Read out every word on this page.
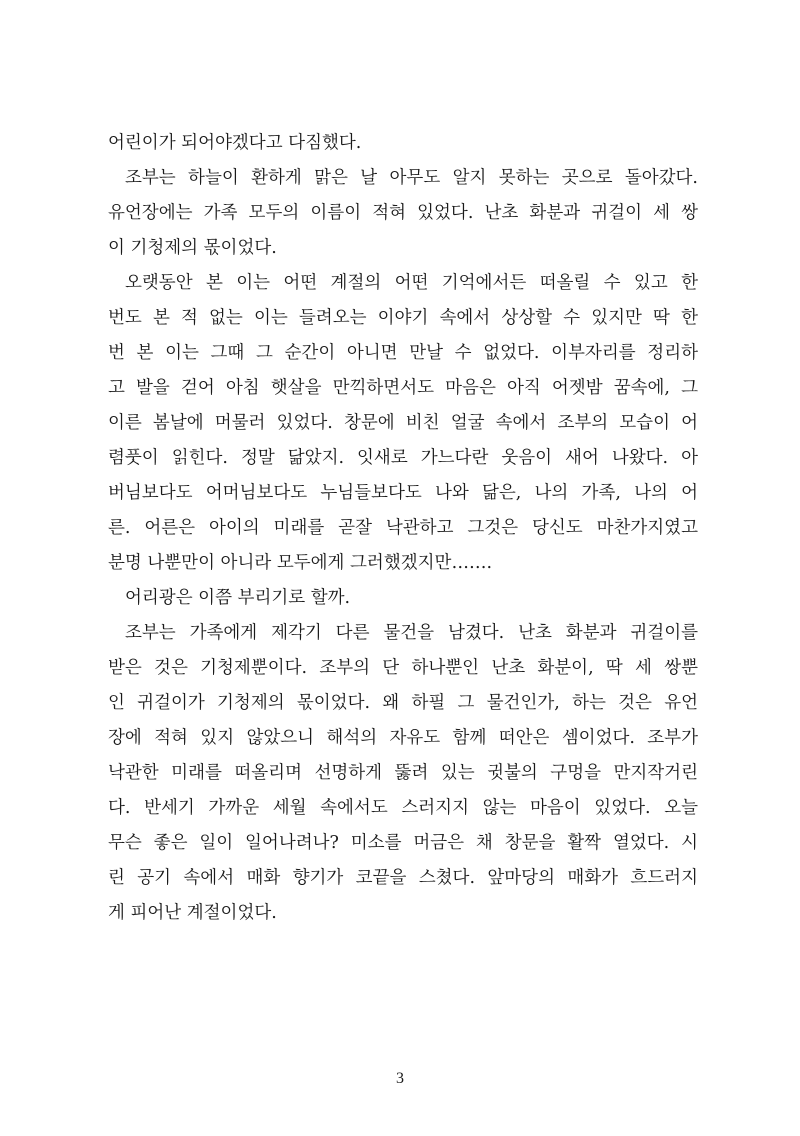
어린이가 되어야겠다고 다짐했다.
조부는 하늘이 환하게 맑은 날 아무도 알지 못하는 곳으로 돌아갔다.
유언장에는 가족 모두의 이름이 적혀 있었다. 난초 화분과 귀걸이 세 쌍
이 기청제의 몫이었다.
오랫동안 본 이는 어떤 계절의 어떤 기억에서든 떠올릴 수 있고 한
번도 본 적 없는 이는 들려오는 이야기 속에서 상상할 수 있지만 딱 한
번 본 이는 그때 그 순간이 아니면 만날 수 없었다. 이부자리를 정리하
고 발을 걷어 아침 햇살을 만끽하면서도 마음은 아직 어젯밤 꿈속에, 그
이른 봄날에 머물러 있었다. 창문에 비친 얼굴 속에서 조부의 모습이 어
렴풋이 읽힌다. 정말 닮았지. 잇새로 가느다란 웃음이 새어 나왔다. 아
버님보다도 어머님보다도 누님들보다도 나와 닮은, 나의 가족, 나의 어
른. 어른은 아이의 미래를 곧잘 낙관하고 그것은 당신도 마찬가지였고
분명 나뿐만이 아니라 모두에게 그러했겠지만…….
어리광은 이쯤 부리기로 할까.
조부는 가족에게 제각기 다른 물건을 남겼다. 난초 화분과 귀걸이를
받은 것은 기청제뿐이다. 조부의 단 하나뿐인 난초 화분이, 딱 세 쌍뿐
인 귀걸이가 기청제의 몫이었다. 왜 하필 그 물건인가, 하는 것은 유언
장에 적혀 있지 않았으니 해석의 자유도 함께 떠안은 셈이었다. 조부가
낙관한 미래를 떠올리며 선명하게 뚫려 있는 귓불의 구멍을 만지작거린
다. 반세기 가까운 세월 속에서도 스러지지 않는 마음이 있었다. 오늘
무슨 좋은 일이 일어나려나? 미소를 머금은 채 창문을 활짝 열었다. 시
린 공기 속에서 매화 향기가 코끝을 스쳤다. 앞마당의 매화가 흐드러지
게 피어난 계절이었다.
3
